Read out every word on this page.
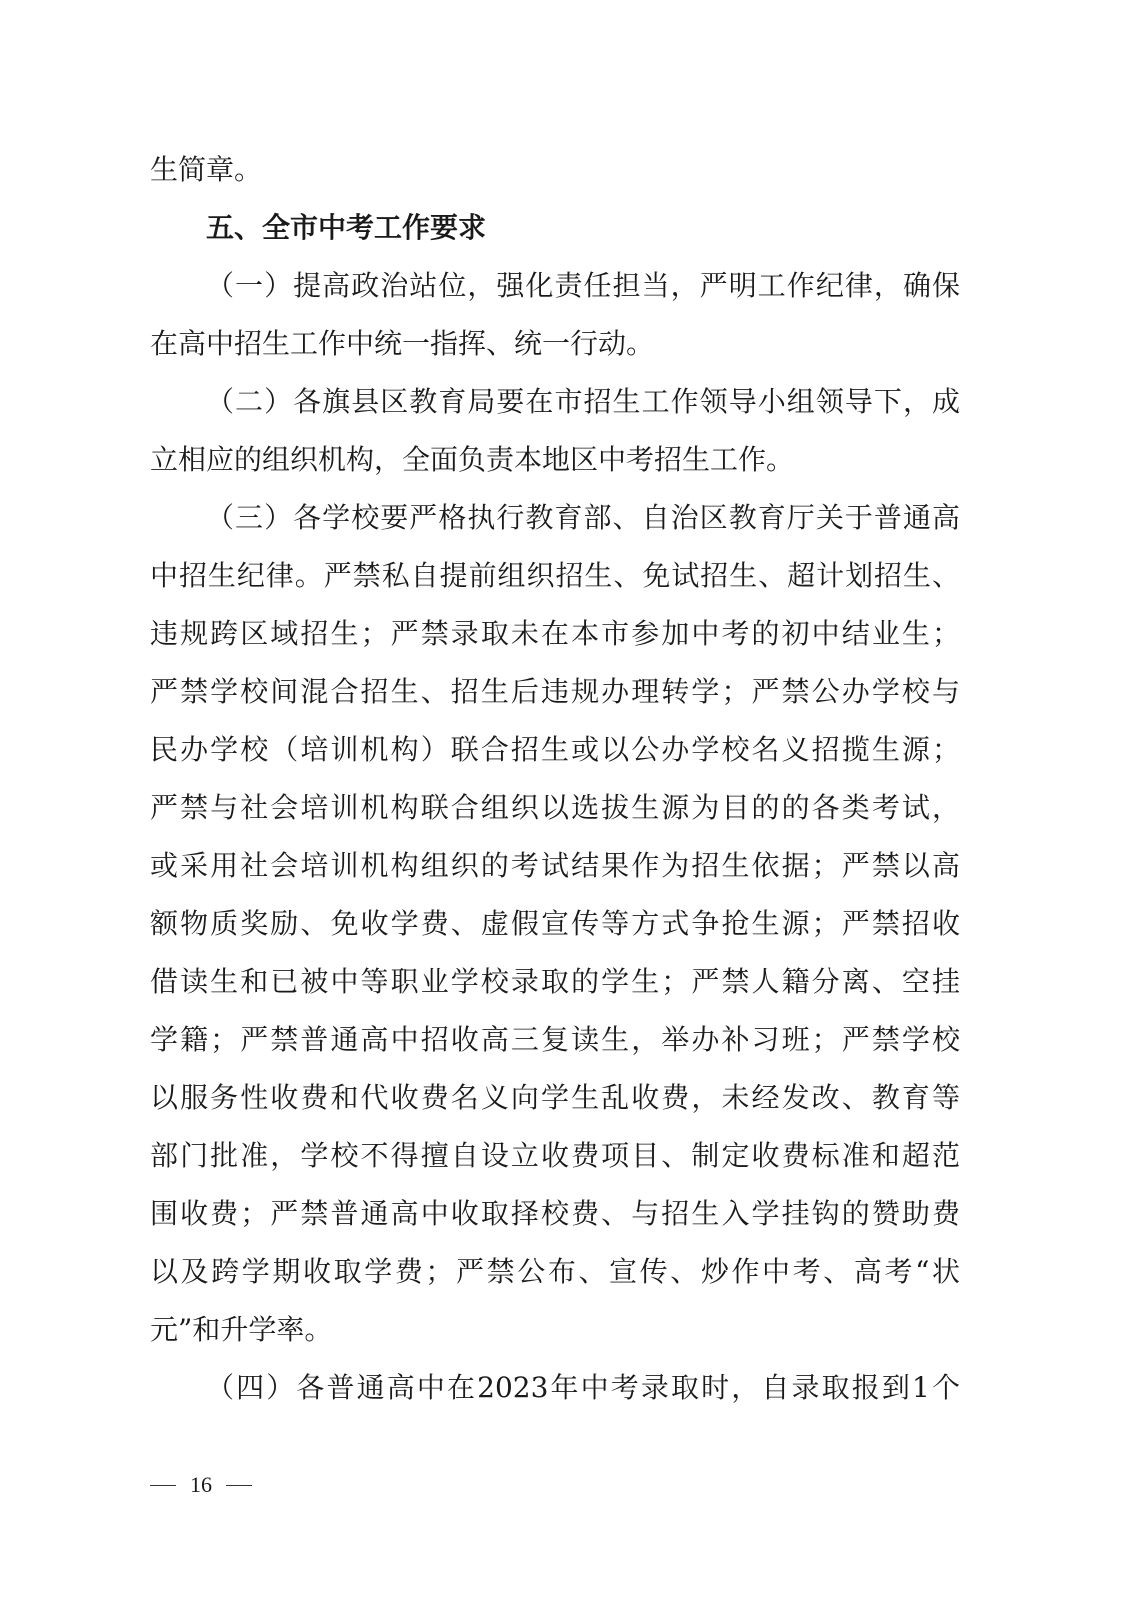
生简章。
五、全市中考工作要求
（一）提高政治站位，强化责任担当，严明工作纪律，确保
在高中招生工作中统一指挥、统一行动。
（二）各旗县区教育局要在市招生工作领导小组领导下，成
立相应的组织机构，全面负责本地区中考招生工作。
（三）各学校要严格执行教育部、自治区教育厅关于普通高
中招生纪律。严禁私自提前组织招生、免试招生、超计划招生、
违规跨区域招生；严禁录取未在本市参加中考的初中结业生；
严禁学校间混合招生、招生后违规办理转学；严禁公办学校与
民办学校（培训机构）联合招生或以公办学校名义招揽生源；
严禁与社会培训机构联合组织以选拔生源为目的的各类考试，
或采用社会培训机构组织的考试结果作为招生依据；严禁以高
额物质奖励、免收学费、虚假宣传等方式争抢生源；严禁招收
借读生和已被中等职业学校录取的学生；严禁人籍分离、空挂
学籍；严禁普通高中招收高三复读生，举办补习班；严禁学校
以服务性收费和代收费名义向学生乱收费，未经发改、教育等
部门批准，学校不得擅自设立收费项目、制定收费标准和超范
围收费；严禁普通高中收取择校费、与招生入学挂钩的赞助费
以及跨学期收取学费；严禁公布、宣传、炒作中考、高考“状
元”和升学率。
（四）各普通高中在2023年中考录取时，自录取报到1个
16
